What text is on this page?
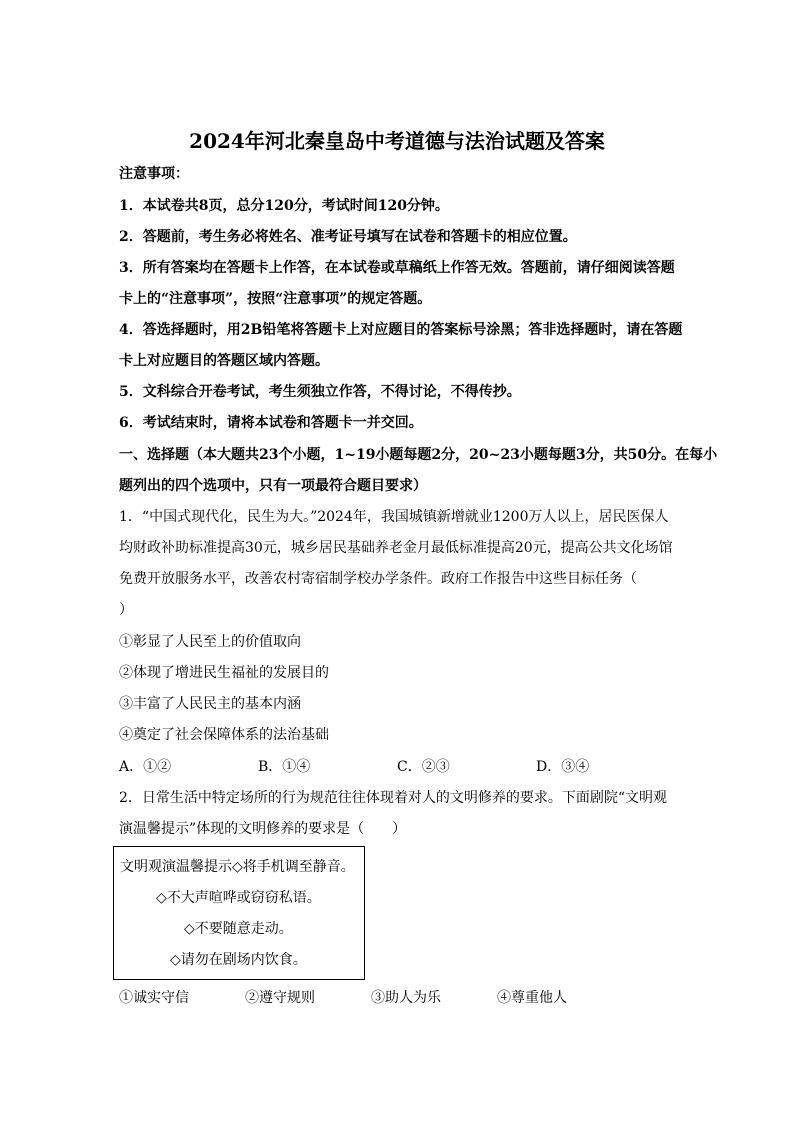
2024年河北秦皇岛中考道德与法治试题及答案
注意事项：
1．本试卷共8页，总分120分，考试时间120分钟。
2．答题前，考生务必将姓名、准考证号填写在试卷和答题卡的相应位置。
3．所有答案均在答题卡上作答，在本试卷或草稿纸上作答无效。答题前，请仔细阅读答题
卡上的“注意事项”，按照“注意事项”的规定答题。
4．答选择题时，用2B铅笔将答题卡上对应题目的答案标号涂黑；答非选择题时，请在答题
卡上对应题目的答题区域内答题。
5．文科综合开卷考试，考生须独立作答，不得讨论，不得传抄。
6．考试结束时，请将本试卷和答题卡一并交回。
一、选择题（本大题共23个小题，1~19小题每题2分，20~23小题每题3分，共50分。在每小
题列出的四个选项中，只有一项最符合题目要求）
1．“中国式现代化，民生为大。”2024年，我国城镇新增就业1200万人以上，居民医保人
均财政补助标准提高30元，城乡居民基础养老金月最低标准提高20元，提高公共文化场馆
免费开放服务水平，改善农村寄宿制学校办学条件。政府工作报告中这些目标任务（
）
①彰显了人民至上的价值取向
②体现了增进民生福祉的发展目的
③丰富了人民民主的基本内涵
④奠定了社会保障体系的法治基础
A．①②	B．①④	C．②③	D．③④
2．日常生活中特定场所的行为规范往往体现着对人的文明修养的要求。下面剧院“文明观
演温馨提示”体现的文明修养的要求是（　　）
文明观演温馨提示◇将手机调至静音。
◇不大声喧哗或窃窃私语。
◇不要随意走动。
◇请勿在剧场内饮食。
①诚实守信	②遵守规则	③助人为乐	④尊重他人
